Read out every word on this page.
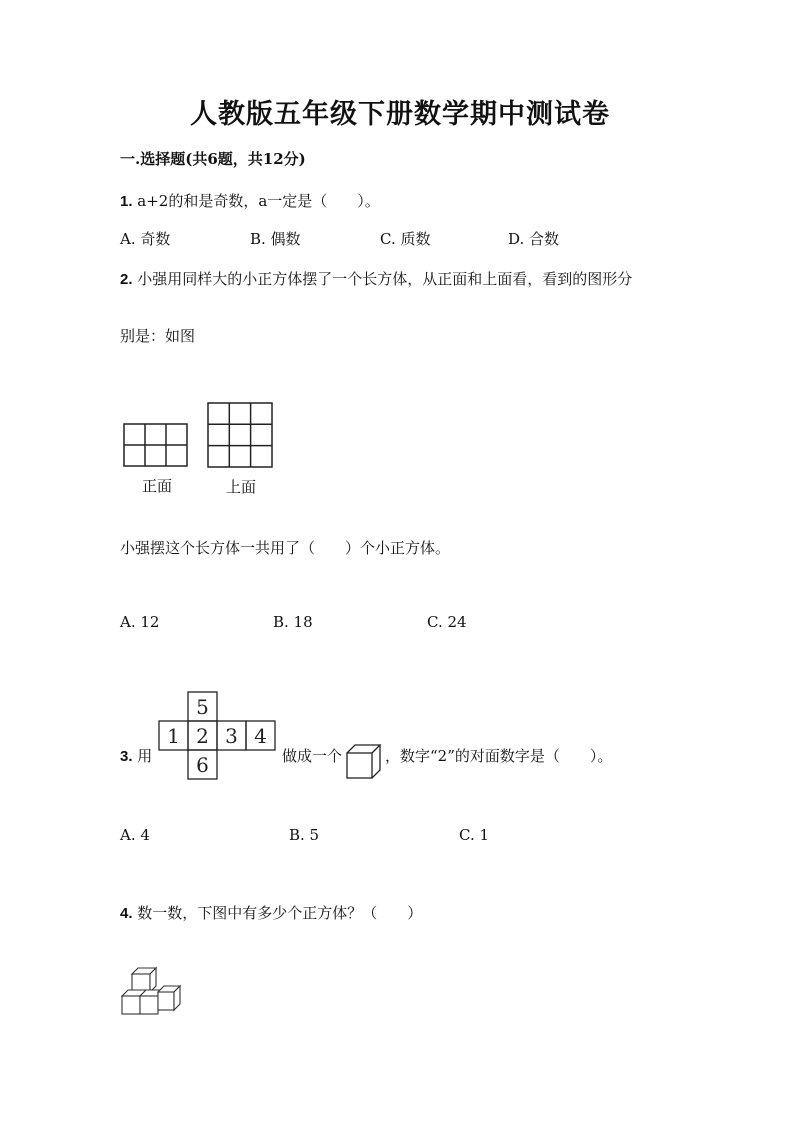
人教版五年级下册数学期中测试卷
一.选择题(共6题，共12分)
1. a+2的和是奇数，a一定是（　　）。
A. 奇数	B. 偶数	C. 质数	D. 合数
2. 小强用同样大的小正方体摆了一个长方体，从正面和上面看，看到的图形分
别是：如图
正面	上面
小强摆这个长方体一共用了（　　）个小正方体。
A. 12	B. 18	C. 24
3. 用
5
1 2 3 4
6	做成一个	，数字“2”的对面数字是（　　）。
A. 4	B. 5	C. 1
4. 数一数，下图中有多少个正方体？（　　）
